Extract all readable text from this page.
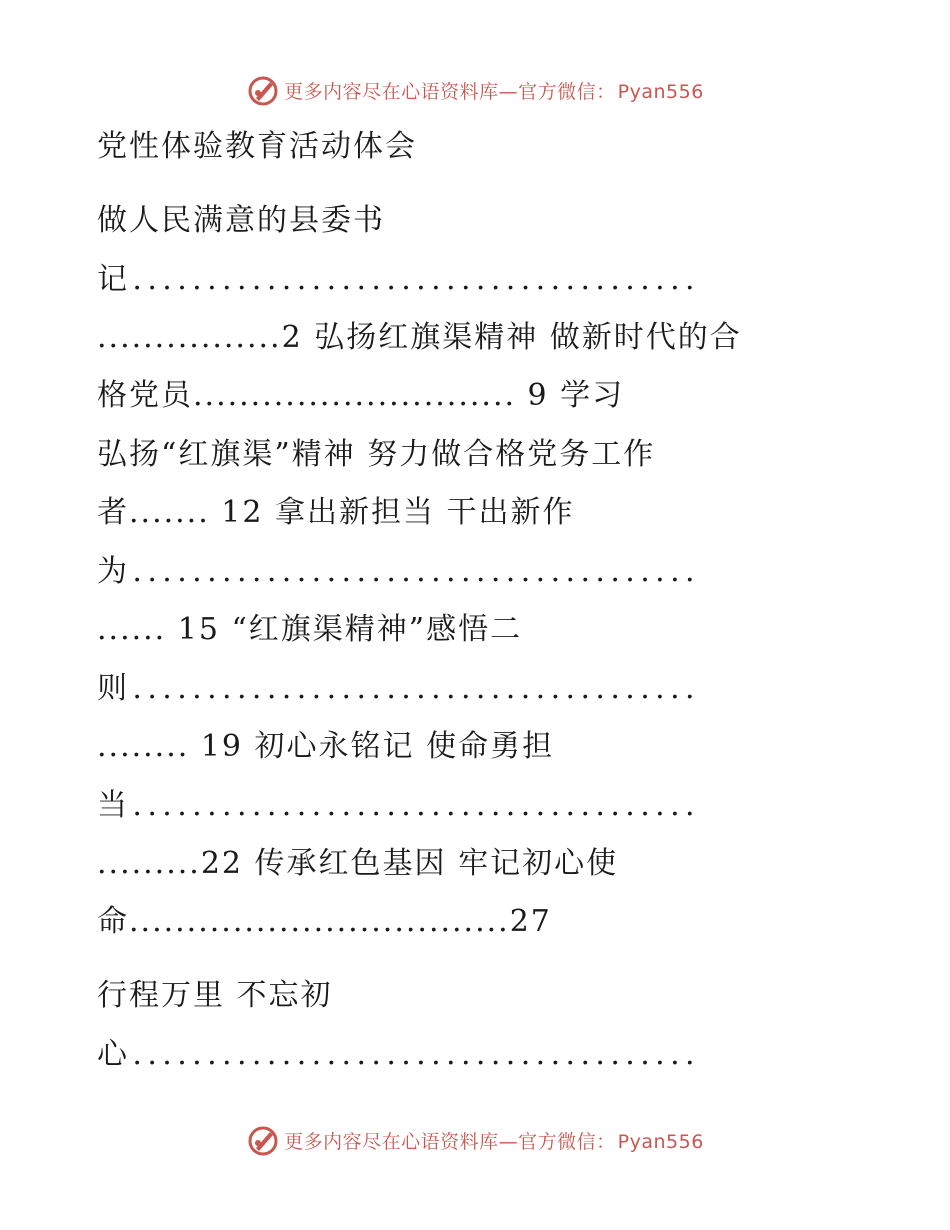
更多内容尽在心语资料库—官方微信： Pyan556
党性体验教育活动体会
做人民满意的县委书
记......................................
................2 弘扬红旗渠精神 做新时代的合
格党员............................ 9 学习
弘扬“红旗渠”精神 努力做合格党务工作
者....... 12 拿出新担当 干出新作
为......................................
...... 15 “红旗渠精神”感悟二
则......................................
........ 19 初心永铭记 使命勇担
当......................................
.........22 传承红色基因 牢记初心使
命.................................27
行程万里 不忘初
心......................................
更多内容尽在心语资料库—官方微信： Pyan556
